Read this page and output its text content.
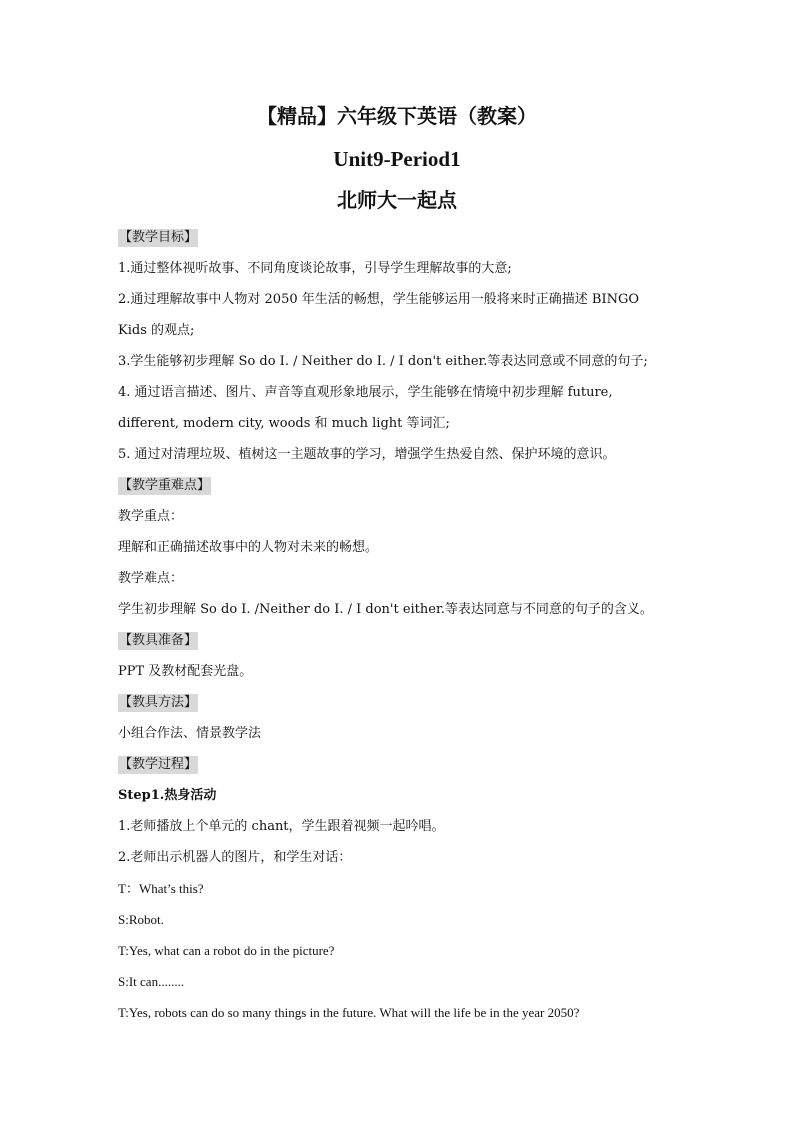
【精品】六年级下英语（教案）
Unit9-Period1
北师大一起点
【教学目标】
1.通过整体视听故事、不同角度谈论故事，引导学生理解故事的大意;
2.通过理解故事中人物对 2050 年生活的畅想，学生能够运用一般将来时正确描述 BINGO
Kids 的观点;
3.学生能够初步理解 So do I. / Neither do I. / I don't either.等表达同意或不同意的句子;
4. 通过语言描述、图片、声音等直观形象地展示，学生能够在情境中初步理解 future,
different, modern city, woods 和 much light 等词汇;
5. 通过对清理垃圾、植树这一主题故事的学习，增强学生热爱自然、保护环境的意识。
【教学重难点】
教学重点：
理解和正确描述故事中的人物对未来的畅想。
教学难点：
学生初步理解 So do I. /Neither do I. / I don't either.等表达同意与不同意的句子的含义。
【教具准备】
PPT 及教材配套光盘。
【教具方法】
小组合作法、情景教学法
【教学过程】
Step1.热身活动
1.老师播放上个单元的 chant，学生跟着视频一起吟唱。
2.老师出示机器人的图片，和学生对话：
T：What’s this?
S:Robot.
T:Yes, what can a robot do in the picture?
S:It can........
T:Yes, robots can do so many things in the future. What will the life be in the year 2050?
